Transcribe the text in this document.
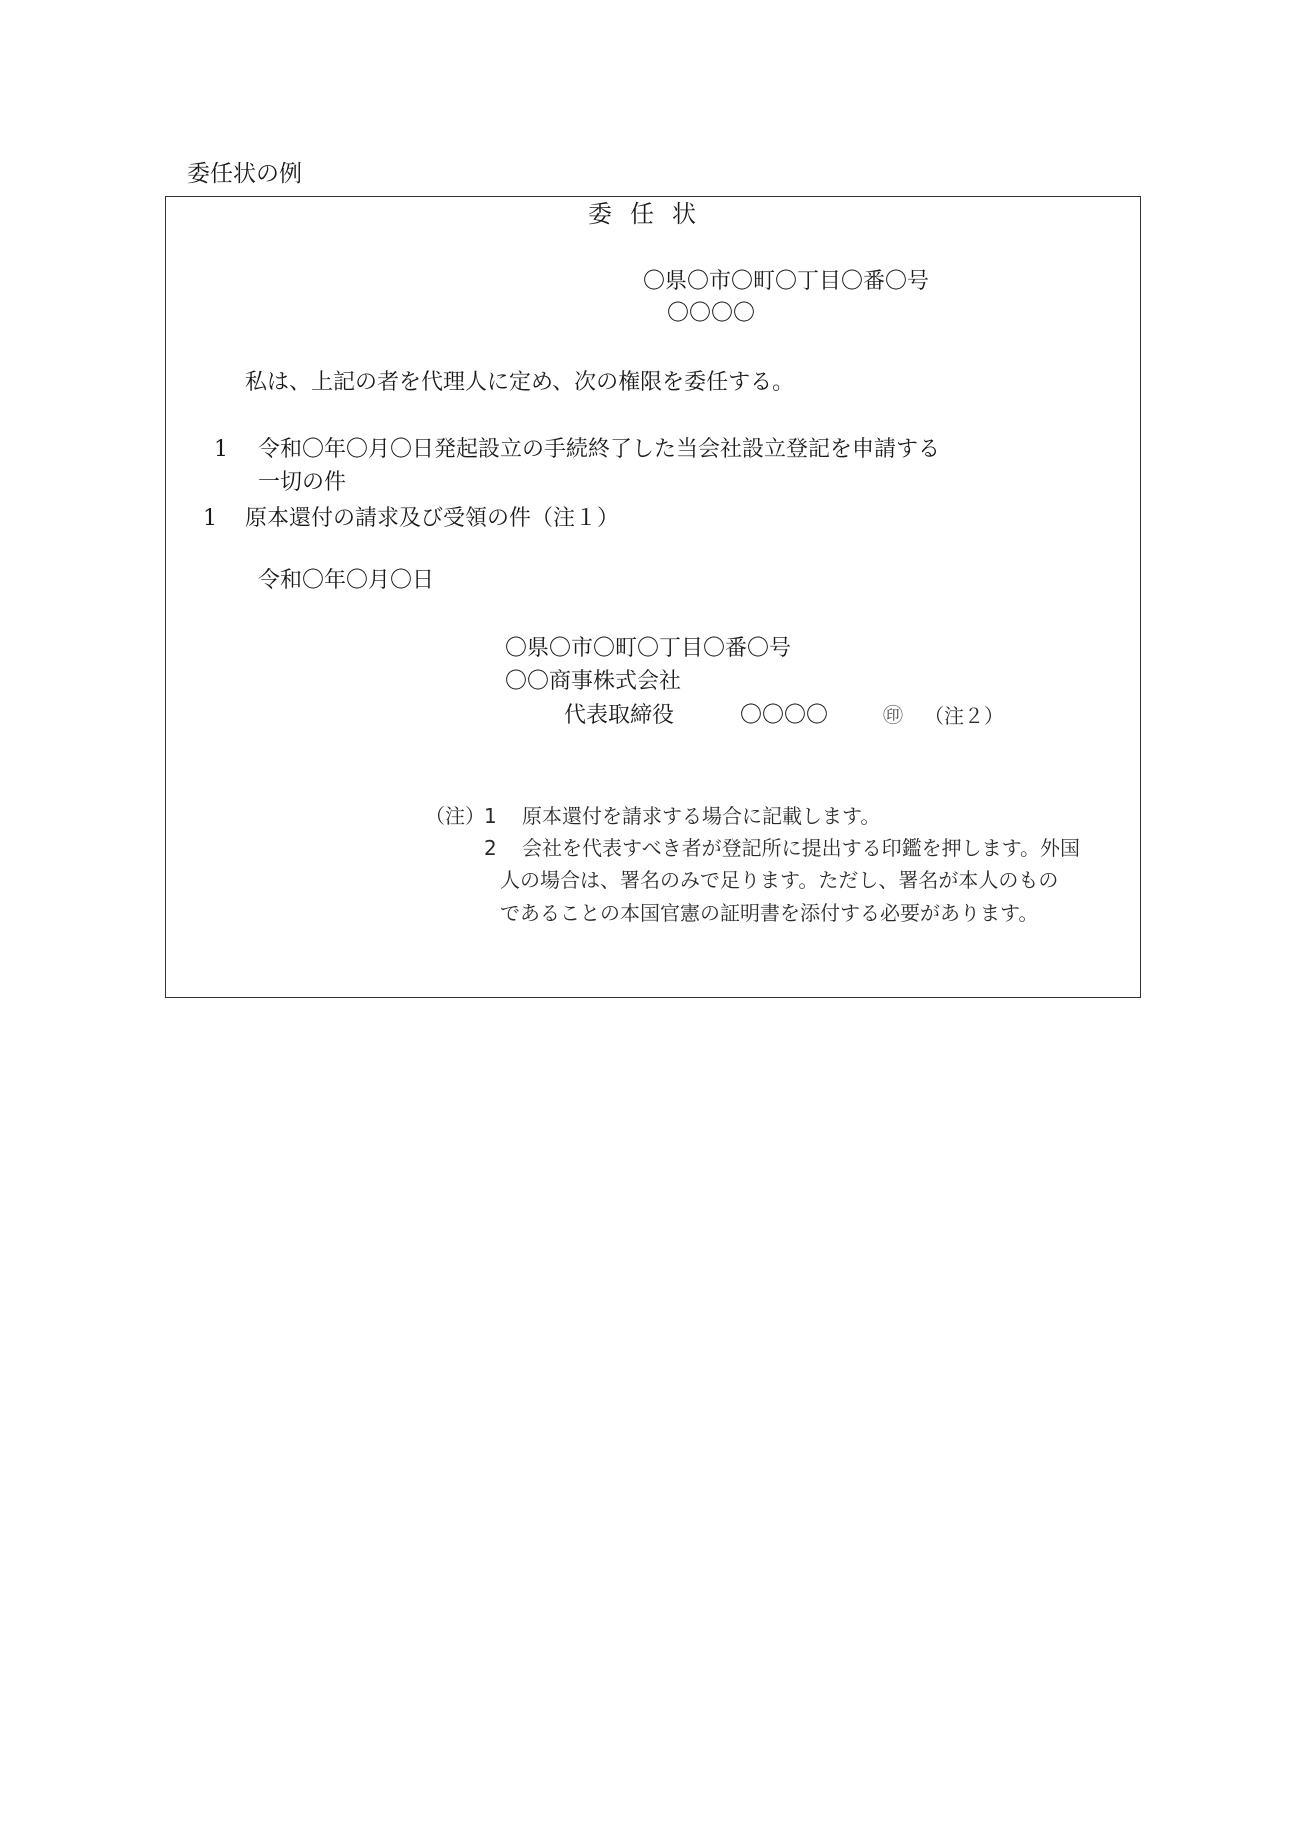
委任状の例
委任状
〇県〇市〇町〇丁目〇番〇号
〇〇〇〇
私は、上記の者を代理人に定め、次の権限を委任する。
1 令和〇年〇月〇日発起設立の手続終了した当会社設立登記を申請する
一切の件
1 原本還付の請求及び受領の件（注１）
令和〇年〇月〇日
〇県〇市〇町〇丁目〇番〇号
〇〇商事株式会社
代表取締役	〇〇〇〇	㊞ （注２）
（注） 1 原本還付を請求する場合に記載します。
2 会社を代表すべき者が登記所に提出する印鑑を押します。外国
人の場合は、署名のみで足ります。ただし、署名が本人のもの
であることの本国官憲の証明書を添付する必要があります。
